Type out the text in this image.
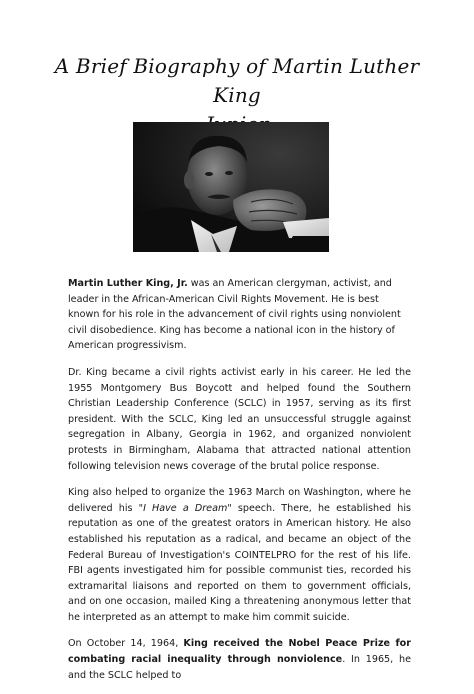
A Brief Biography of Martin Luther King

Martin Luther King, Jr. was an American clergyman, activist, and leader in the African-American Civil Rights Movement. He is best known for his role in the advancement of civil rights using nonviolent civil disobedience. King has become a national icon in the history of American progressivism.

Dr. King became a civil rights activist early in his career. He led the 1955 Montgomery Bus Boycott and helped found the Southern Christian Leadership Conference (SCLC) in 1957, serving as its first president. With the SCLC, King led an unsuccessful struggle against segregation in Albany, Georgia in 1962, and organized nonviolent protests in Birmingham, Alabama that attracted national attention following television news coverage of the brutal police response.

King also helped to organize the 1963 March on Washington, where he delivered his "I Have a Dream" speech. There, he established his reputation as one of the greatest orators in American history. He also established his reputation as a radical, and became an object of the Federal Bureau of Investigation's COINTELPRO for the rest of his life. FBI agents investigated him for possible communist ties, recorded his extramarital liaisons and reported on them to government officials, and on one occasion, mailed King a threatening anonymous letter that he interpreted as an attempt to make him commit suicide.

On October 14, 1964, King received the Nobel Peace Prize for combating racial inequality through nonviolence. In 1965, he and the SCLC helped to
